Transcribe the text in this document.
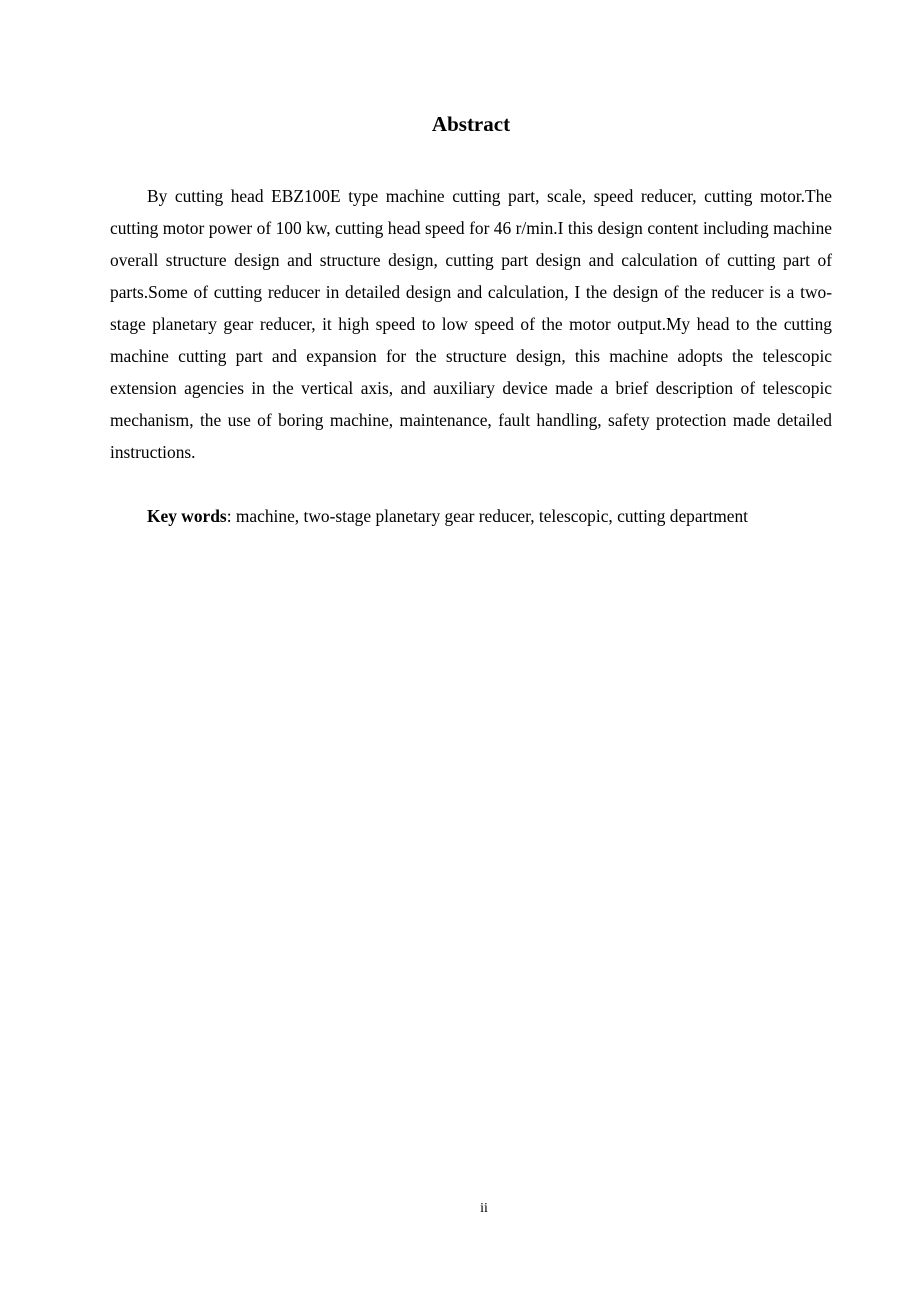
Abstract

By cutting head EBZ100E type machine cutting part, scale, speed reducer, cutting motor.The cutting motor power of 100 kw, cutting head speed for 46 r/min.I this design content including machine overall structure design and structure design, cutting part design and calculation of cutting part of parts.Some of cutting reducer in detailed design and calculation, I the design of the reducer is a two-stage planetary gear reducer, it high speed to low speed of the motor output.My head to the cutting machine cutting part and expansion for the structure design, this machine adopts the telescopic extension agencies in the vertical axis, and auxiliary device made a brief description of telescopic mechanism, the use of boring machine, maintenance, fault handling, safety protection made detailed instructions.

Key words: machine, two-stage planetary gear reducer, telescopic, cutting department

ii
